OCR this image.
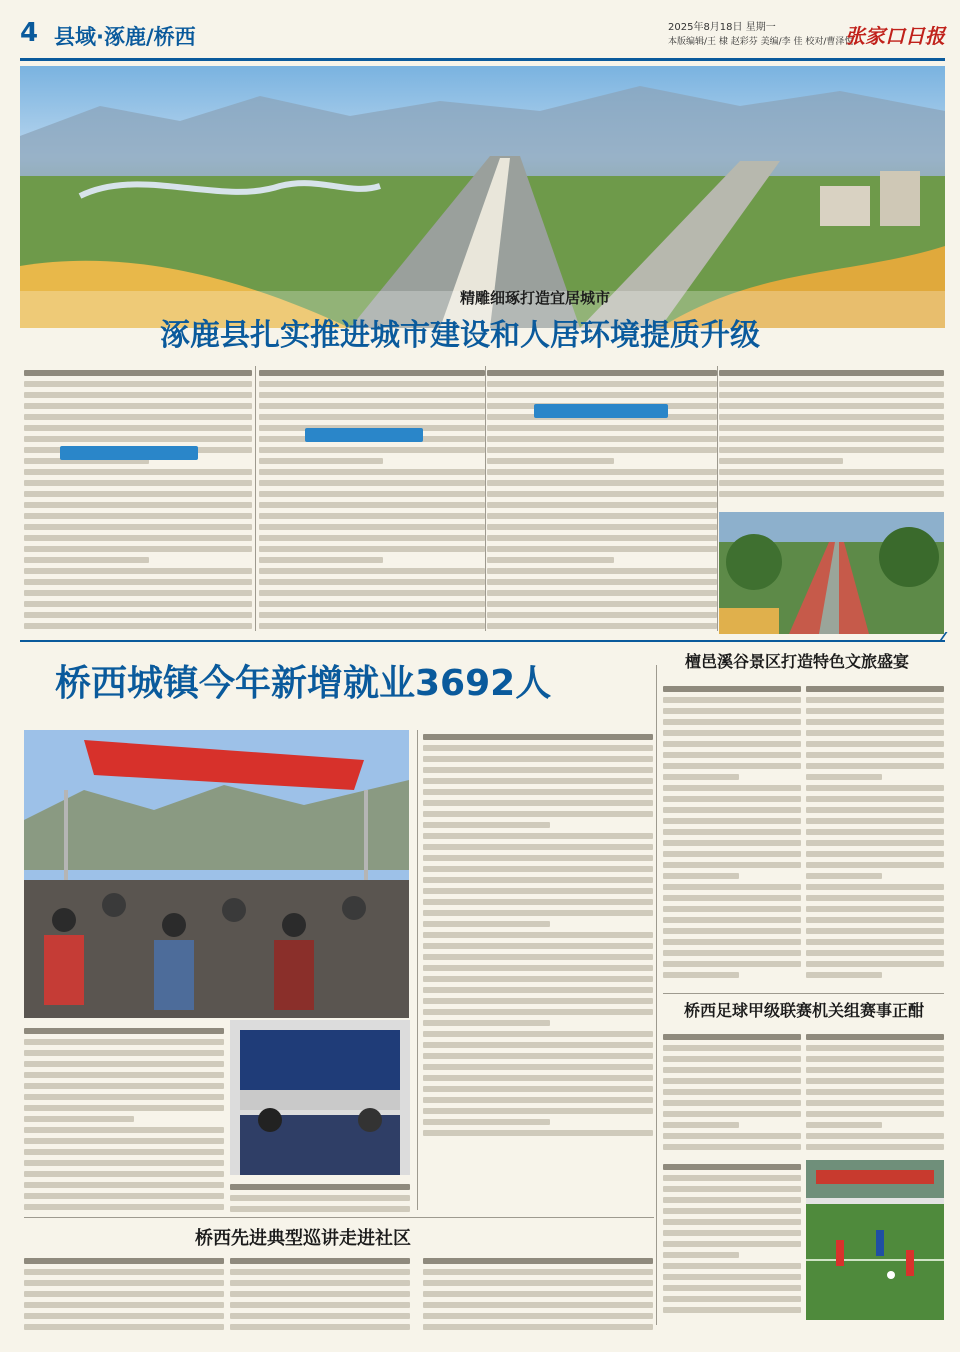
4 县域·涿鹿/桥西	2025年8月18日 星期一
本版编辑/王 棣 赵彩芬 美编/李 佳 校对/曹泽悦
张家口日报
精雕细琢打造宜居城市
涿鹿县扎实推进城市建设和人居环境提质升级
桥西城镇今年新增就业3692人
檀邑溪谷景区打造特色文旅盛宴
桥西足球甲级联赛机关组赛事正酣
桥西先进典型巡讲走进社区
